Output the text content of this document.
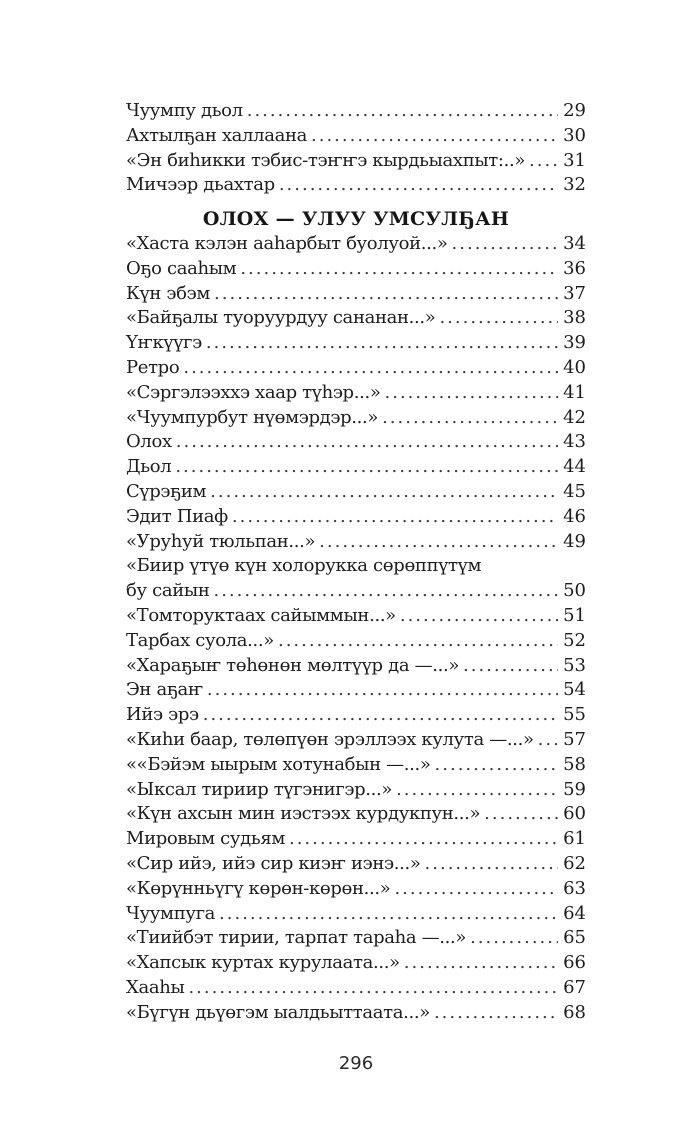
Чуумпу дьол .....	29
Ахтылҕан халлаана .....	30
«Эн биһикки тэбис-тэҥҥэ кырдьыахпыт:..» ..... 31
Мичээр дьахтар .....	32
ОЛОХ — УЛУУ УМСУЛҔАН
«Хаста кэлэн ааһарбыт буолуой...» .....	34
Оҕо сааһым .....	36
Күн эбэм .....	37
«Байҕалы туоруурдуу сананан...» .....	38
Үҥкүүгэ .....	39
Ретро .....	40
«Сэргэлээххэ хаар түһэр...» .....	41
«Чуумпурбут нүөмэрдэр...» .....	42
Олох .....	43
Дьол .....	44
Сүрэҕим .....	45
Эдит Пиаф .....	46
«Уруһуй тюльпан...» .....	49
«Биир үтүө күн холорукка сөрөппүтүм
бу сайын .....	50
«Томторуктаах сайыммын...» .....	51
Тарбах суола...» .....	52
«Хараҕыҥ төһөнөн мөлтүүр да —...» .....	53
Эн аҕаҥ .....	54
Ийэ эрэ .....	55
«Киһи баар, төлөпүөн эрэллээх кулута —...» ..... 57
««Бэйэм ыырым хотунабын —...» .....	58
«Ыксал тириир түгэнигэр...» .....	59
«Күн ахсын мин иэстээх курдукпун...» .....	60
Мировым судьям .....	61
«Сир ийэ, ийэ сир киэҥ иэнэ...» .....	62
«Көрүнньүгү көрөн-көрөн...» .....	63
Чуумпуга .....	64
«Тиийбэт тирии, тарпат тараһа —...» .....	65
«Хапсык куртах курулаата...» .....	66
Хааһы .....	67
«Бүгүн дьүөгэм ыалдьыттаата...» .....	68
296
